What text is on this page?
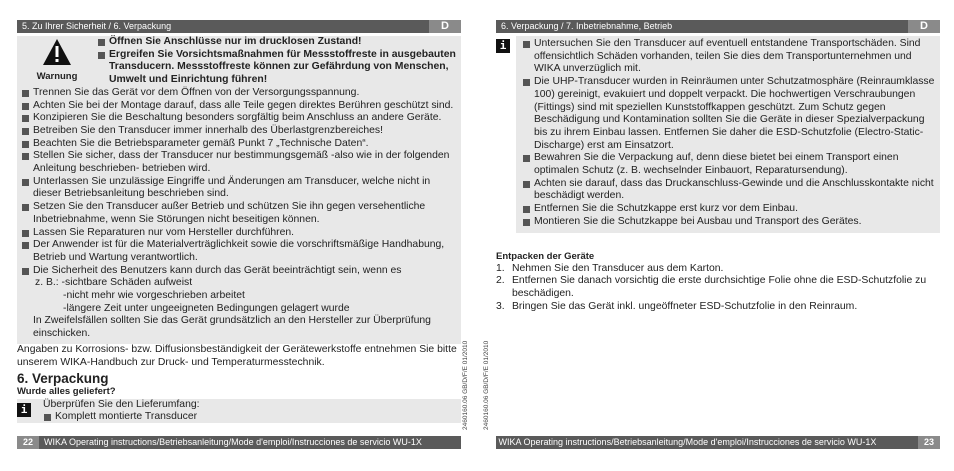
5. Zu Ihrer Sicherheit / 6. Verpackung	D
Warnung
Öffnen Sie Anschlüsse nur im drucklosen Zustand!
Ergreifen Sie Vorsichtsmaßnahmen für Messstoffreste in ausgebauten Transducern. Messstoffreste können zur Gefährdung von Menschen, Umwelt und Einrichtung führen!
Trennen Sie das Gerät vor dem Öffnen von der Versorgungsspannung.
Achten Sie bei der Montage darauf, dass alle Teile gegen direktes Berühren geschützt sind.
Konzipieren Sie die Beschaltung besonders sorgfältig beim Anschluss an andere Geräte.
Betreiben Sie den Transducer immer innerhalb des Überlastgrenzbereiches!
Beachten Sie die Betriebsparameter gemäß Punkt 7 „Technische Daten“.
Stellen Sie sicher, dass der Transducer nur bestimmungsgemäß -also wie in der folgenden Anleitung beschrieben- betrieben wird.
Unterlassen Sie unzulässige Eingriffe und Änderungen am Transducer, welche nicht in dieser Betriebsanleitung beschrieben sind.
Setzen Sie den Transducer außer Betrieb und schützen Sie ihn gegen versehentliche Inbetriebnahme, wenn Sie Störungen nicht beseitigen können.
Lassen Sie Reparaturen nur vom Hersteller durchführen.
Der Anwender ist für die Materialverträglichkeit sowie die vorschriftsmäßige Handhabung, Betrieb und Wartung verantwortlich.
Die Sicherheit des Benutzers kann durch das Gerät beeinträchtigt sein, wenn es
z. B.: -sichtbare Schäden aufweist
-nicht mehr wie vorgeschrieben arbeitet
-längere Zeit unter ungeeigneten Bedingungen gelagert wurde
In Zweifelsfällen sollten Sie das Gerät grundsätzlich an den Hersteller zur Überprüfung einschicken.

Angaben zu Korrosions- bzw. Diffusionsbeständigkeit der Gerätewerkstoffe entnehmen Sie bitte unserem WIKA-Handbuch zur Druck- und Temperaturmesstechnik.

6. Verpackung
Wurde alles geliefert?
i	Überprüfen Sie den Lieferumfang:
Komplett montierte Transducer
22 WIKA Operating instructions/Betriebsanleitung/Mode d'emploi/Instrucciones de servicio WU-1X
2460160.06 GB/D/F/E 01/2010 2460160.06 GB/D/F/E 01/2010
6. Verpackung / 7. Inbetriebnahme, Betrieb	D
i	Untersuchen Sie den Transducer auf eventuell entstandene Transportschäden. Sind offensichtlich Schäden vorhanden, teilen Sie dies dem Transportunternehmen und WIKA unverzüglich mit.
Die UHP-Transducer wurden in Reinräumen unter Schutzatmosphäre (Reinraumklasse 100) gereinigt, evakuiert und doppelt verpackt. Die hochwertigen Verschraubungen (Fittings) sind mit speziellen Kunststoffkappen geschützt. Zum Schutz gegen Beschädigung und Kontamination sollten Sie die Geräte in dieser Spezialverpackung bis zu ihrem Einbau lassen. Entfernen Sie daher die ESD-Schutzfolie (Electro-Static-Discharge) erst am Einsatzort.
Bewahren Sie die Verpackung auf, denn diese bietet bei einem Transport einen optimalen Schutz (z. B. wechselnder Einbauort, Reparatursendung).
Achten sie darauf, dass das Druckanschluss-Gewinde und die Anschlusskontakte nicht beschädigt werden.
Entfernen Sie die Schutzkappe erst kurz vor dem Einbau.
Montieren Sie die Schutzkappe bei Ausbau und Transport des Gerätes.
Entpacken der Geräte
1. Nehmen Sie den Transducer aus dem Karton.
2. Entfernen Sie danach vorsichtig die erste durchsichtige Folie ohne die ESD-Schutzfolie zu beschädigen.
3. Bringen Sie das Gerät inkl. ungeöffneter ESD-Schutzfolie in den Reinraum.
WIKA Operating instructions/Betriebsanleitung/Mode d'emploi/Instrucciones de servicio WU-1X	23
